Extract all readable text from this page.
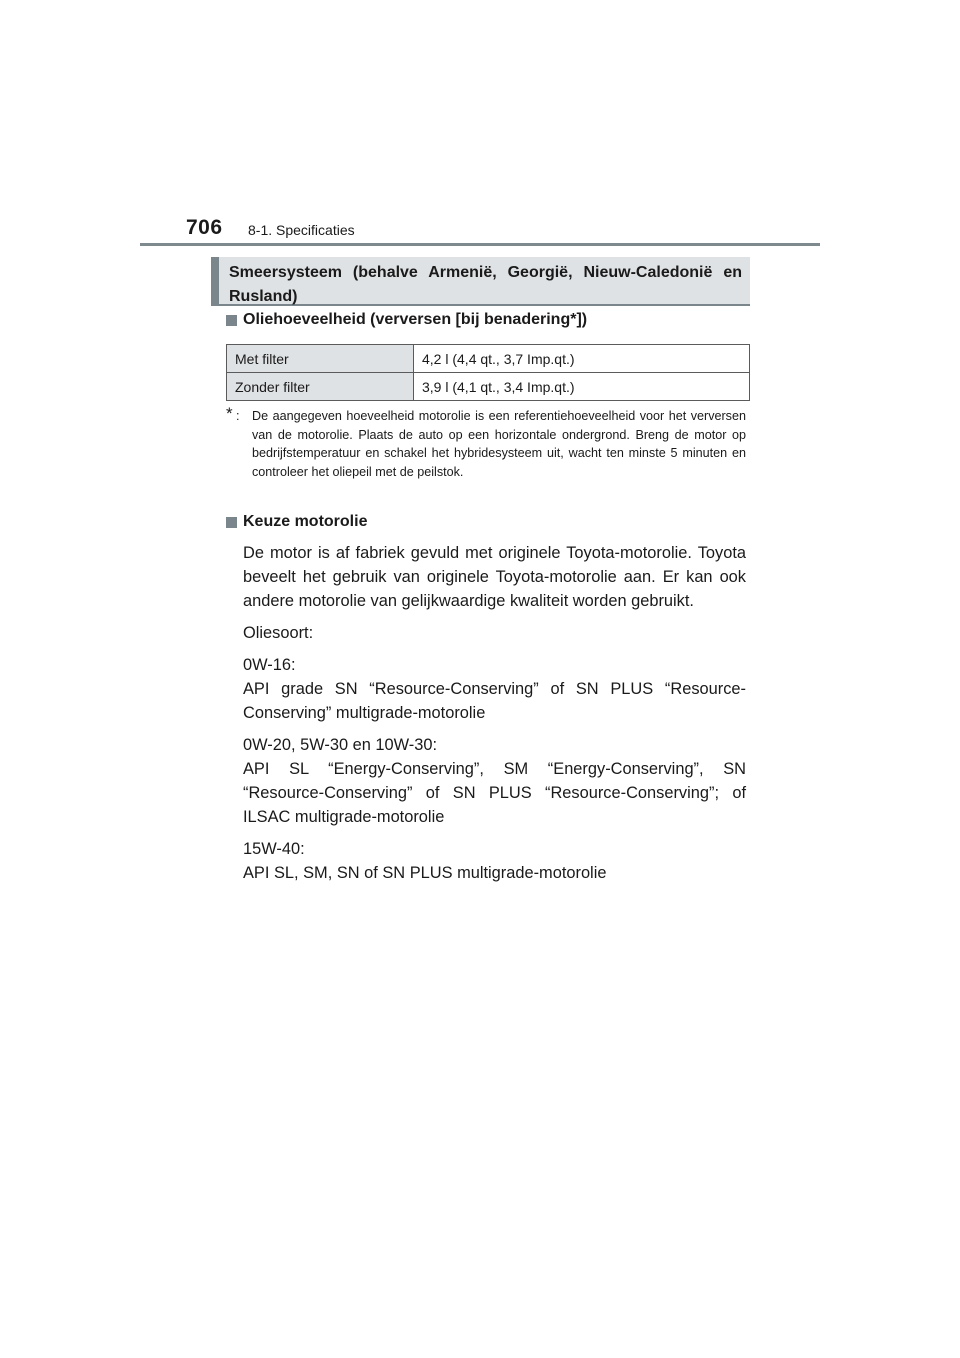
706 8-1. Specificaties
Smeersysteem (behalve Armenië, Georgië, Nieuw-Caledonië en Rusland)
Oliehoeveelheid (verversen [bij benadering * ])
Met filter	4,2 l (4,4 qt., 3,7 Imp.qt.)
Zonder filter	3,9 l (4,1 qt., 3,4 Imp.qt.)
* : De aangegeven hoeveelheid motorolie is een referentiehoeveelheid voor het verversen van de motorolie. Plaats de auto op een horizontale ondergrond. Breng de motor op bedrijfstemperatuur en schakel het hybridesysteem uit, wacht ten minste 5 minuten en controleer het oliepeil met de peilstok.
Keuze motorolie

De motor is af fabriek gevuld met originele Toyota-motorolie. Toyota beveelt het gebruik van originele Toyota-motorolie aan. Er kan ook andere motorolie van gelijkwaardige kwaliteit worden gebruikt.

Oliesoort:

0W-16:
API grade SN “Resource-Conserving” of SN PLUS “Resource-Conserving” multigrade-motorolie

0W-20, 5W-30 en 10W-30:
API SL “Energy-Conserving”, SM “Energy-Conserving”, SN “Resource-Conserving” of SN PLUS “Resource-Conserving”; of ILSAC multigrade-motorolie

15W-40:
API SL, SM, SN of SN PLUS multigrade-motorolie
